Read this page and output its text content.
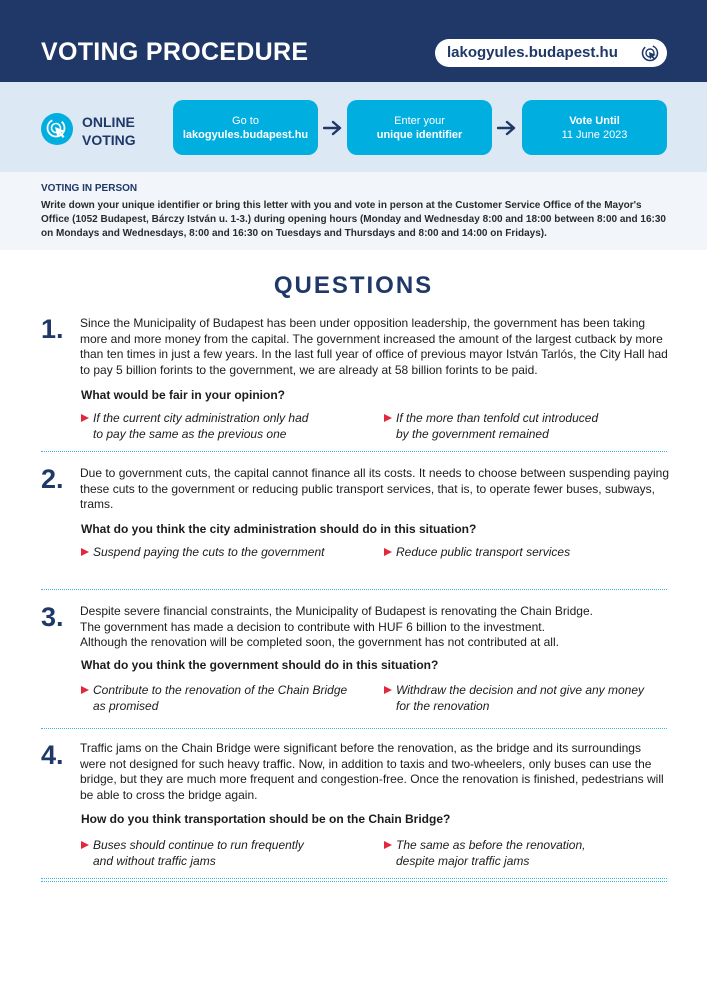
VOTING PROCEDURE	lakogyules.budapest.hu
ONLINE VOTING
Go to
lakogyules.budapest.hu
Enter your
unique identifier
Vote Until
11 June 2023
VOTING IN PERSON
Write down your unique identifier or bring this letter with you and vote in person at the Customer Service Office of the Mayor's Office (1052 Budapest, Bárczy István u. 1-3.) during opening hours (Monday and Wednesday 8:00 and 18:00 between 8:00 and 16:30 on Mondays and Wednesdays, 8:00 and 16:30 on Tuesdays and Thursdays and 8:00 and 14:00 on Fridays).
QUESTIONS
1. Since the Municipality of Budapest has been under opposition leadership, the government has been taking more and more money from the capital. The government increased the amount of the largest cutback by more than ten times in just a few years. In the last full year of office of previous mayor István Tarlós, the City Hall had to pay 5 billion forints to the government, we are already at 58 billion forints to be paid.
What would be fair in your opinion?
If the current city administration only had
to pay the same as the previous one
If the more than tenfold cut introduced
by the government remained
2. Due to government cuts, the capital cannot finance all its costs. It needs to choose between suspending paying these cuts to the government or reducing public transport services, that is, to operate fewer buses, subways, trams.
What do you think the city administration should do in this situation?
Suspend paying the cuts to the government	Reduce public transport services
3. Despite severe financial constraints, the Municipality of Budapest is renovating the Chain Bridge.
The government has made a decision to contribute with HUF 6 billion to the investment.
Although the renovation will be completed soon, the government has not contributed at all.
What do you think the government should do in this situation?
Contribute to the renovation of the Chain Bridge
as promised
Withdraw the decision and not give any money
for the renovation
4. Traffic jams on the Chain Bridge were significant before the renovation, as the bridge and its surroundings were not designed for such heavy traffic. Now, in addition to taxis and two-wheelers, only buses can use the bridge, but they are much more frequent and congestion-free. Once the renovation is finished, pedestrians will be able to cross the bridge again.
How do you think transportation should be on the Chain Bridge?
Buses should continue to run frequently
and without traffic jams
The same as before the renovation,
despite major traffic jams
